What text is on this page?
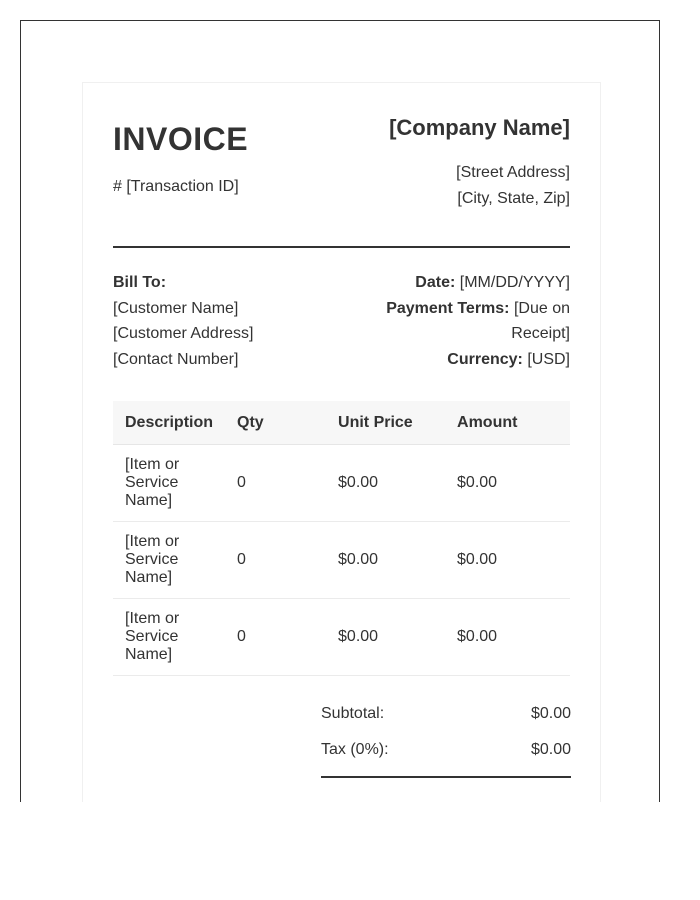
INVOICE
# [Transaction ID]
[Company Name]
[Street Address]
[City, State, Zip]
Bill To:
[Customer Name]
[Customer Address]
[Contact Number]
Date: [MM/DD/YYYY]
Payment Terms: [Due on Receipt]
Currency: [USD]
Description	Qty	Unit Price	Amount
[Item or Service Name]	0	$0.00	$0.00
[Item or Service Name]	0	$0.00	$0.00
[Item or Service Name]	0	$0.00	$0.00
Subtotal:	$0.00
Tax (0%):	$0.00
